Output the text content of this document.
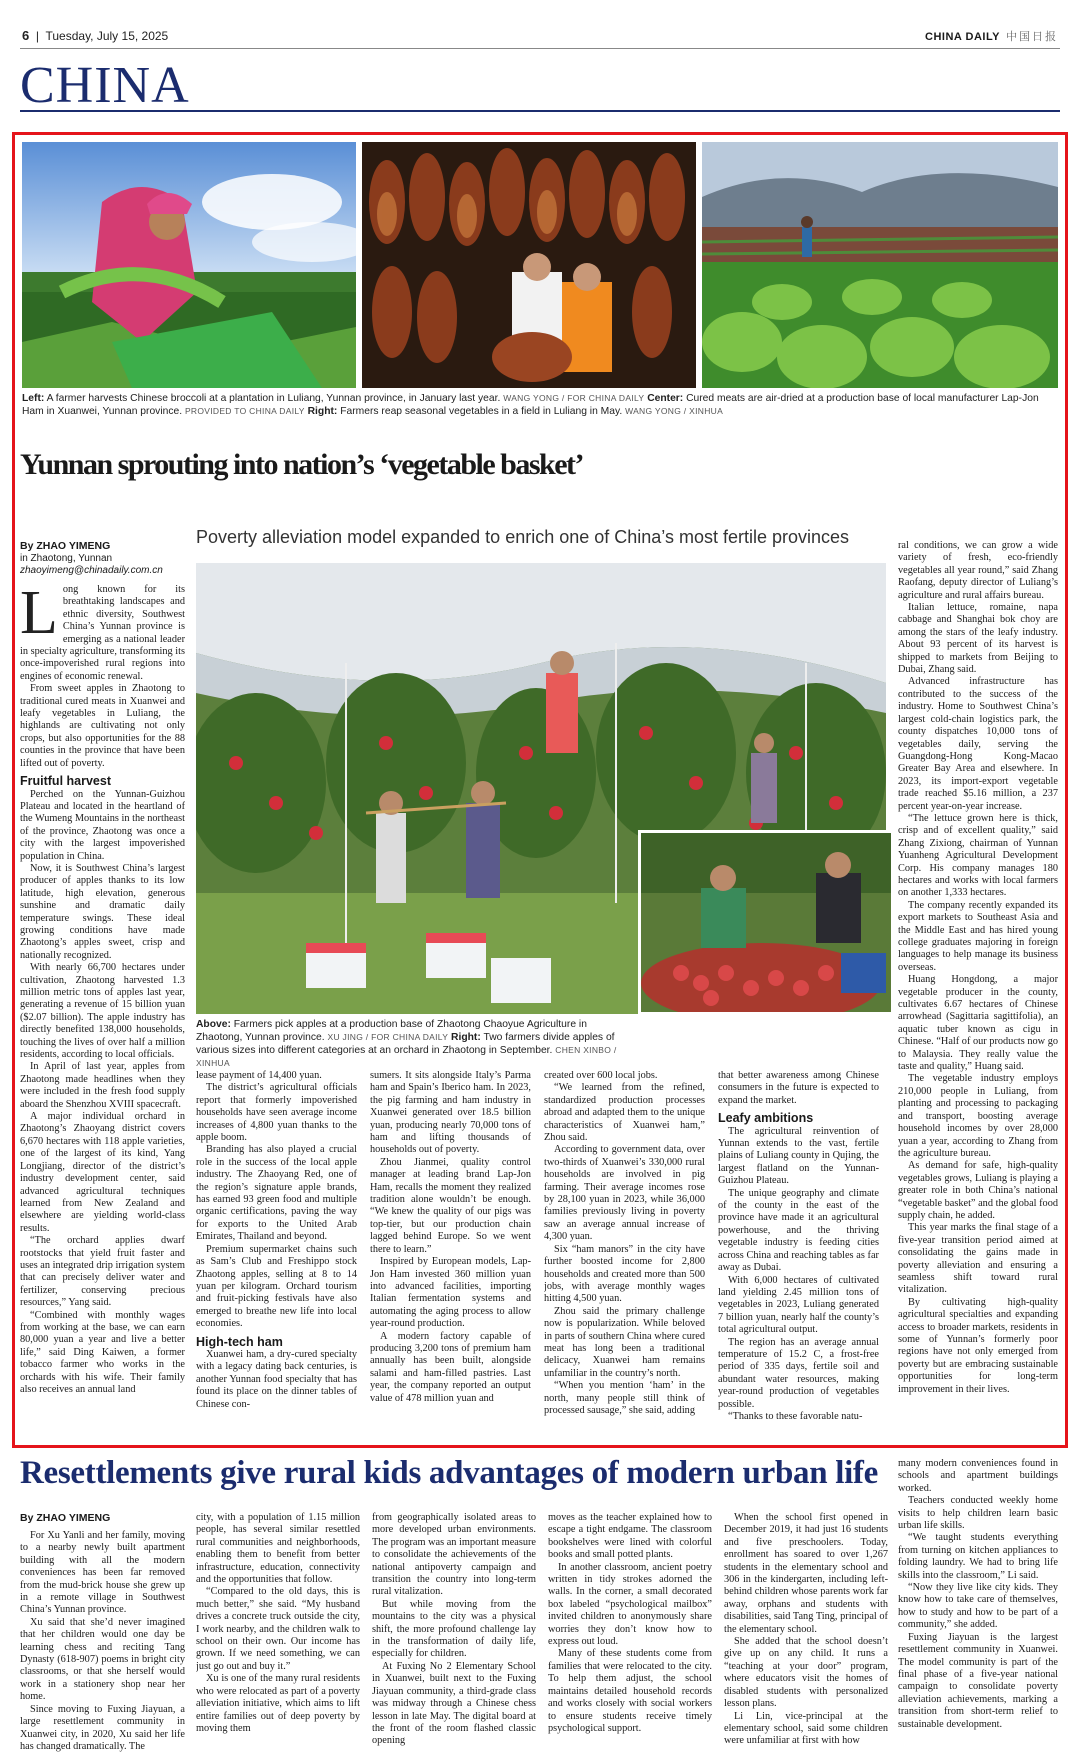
6  |  Tuesday, July 15, 2025	CHINA DAILY 中国日报
CHINA
Left: A farmer harvests Chinese broccoli at a plantation in Luliang, Yunnan province, in January last year. WANG YONG / FOR CHINA DAILY Center: Cured meats are air-dried at a production base of local manufacturer Lap-Jon Ham in Xuanwei, Yunnan province. PROVIDED TO CHINA DAILY Right: Farmers reap seasonal vegetables in a field in Luliang in May. WANG YONG / XINHUA
Yunnan sprouting into nation’s ‘vegetable basket’
Poverty alleviation model expanded to enrich one of China’s most fertile provinces
By ZHAO YIMENG
in Zhaotong, Yunnan
zhaoyimeng@chinadaily.com.cn

Long known for its breathtaking landscapes and ethnic diversity, Southwest China’s Yunnan province is emerging as a national leader in specialty agriculture, transforming its once-impoverished rural regions into engines of economic renewal.

From sweet apples in Zhaotong to traditional cured meats in Xuanwei and leafy vegetables in Luliang, the highlands are cultivating not only crops, but also opportunities for the 88 counties in the province that have been lifted out of poverty.

Fruitful harvest

Perched on the Yunnan-Guizhou Plateau and located in the heartland of the Wumeng Mountains in the northeast of the province, Zhaotong was once a city with the largest impoverished population in China.

Now, it is Southwest China’s largest producer of apples thanks to its low latitude, high elevation, generous sunshine and dramatic daily temperature swings. These ideal growing conditions have made Zhaotong’s apples sweet, crisp and nationally recognized.

With nearly 66,700 hectares under cultivation, Zhaotong harvested 1.3 million metric tons of apples last year, generating a revenue of 15 billion yuan ($2.07 billion). The apple industry has directly benefited 138,000 households, touching the lives of over half a million residents, according to local officials.

In April of last year, apples from Zhaotong made headlines when they were included in the fresh food supply aboard the Shenzhou XVIII spacecraft.

A major individual orchard in Zhaotong’s Zhaoyang district covers 6,670 hectares with 118 apple varieties, one of the largest of its kind, Yang Longjiang, director of the district’s industry development center, said advanced agricultural techniques learned from New Zealand and elsewhere are yielding world-class results.

“The orchard applies dwarf rootstocks that yield fruit faster and uses an integrated drip irrigation system that can precisely deliver water and fertilizer, conserving precious resources,” Yang said.

“Combined with monthly wages from working at the base, we can earn 80,000 yuan a year and live a better life,” said Ding Kaiwen, a former tobacco farmer who works in the orchards with his wife. Their family also receives an annual land

Above: Farmers pick apples at a production base of Zhaotong Chaoyue Agriculture in Zhaotong, Yunnan province. XU JING / FOR CHINA DAILY Right: Two farmers divide apples of various sizes into different categories at an orchard in Zhaotong in September. CHEN XINBO / XINHUA

lease payment of 14,400 yuan.

The district’s agricultural officials report that formerly impoverished households have seen average income increases of 4,800 yuan thanks to the apple boom.

Branding has also played a crucial role in the success of the local apple industry. The Zhaoyang Red, one of the region’s signature apple brands, has earned 93 green food and multiple organic certifications, paving the way for exports to the United Arab Emirates, Thailand and beyond.

Premium supermarket chains such as Sam’s Club and Freshippo stock Zhaotong apples, selling at 8 to 14 yuan per kilogram. Orchard tourism and fruit-picking festivals have also emerged to breathe new life into local economies.

High-tech ham

Xuanwei ham, a dry-cured specialty with a legacy dating back centuries, is another Yunnan food specialty that has found its place on the dinner tables of Chinese con-

sumers. It sits alongside Italy’s Parma ham and Spain’s Iberico ham. In 2023, the pig farming and ham industry in Xuanwei generated over 18.5 billion yuan, producing nearly 70,000 tons of ham and lifting thousands of households out of poverty.

Zhou Jianmei, quality control manager at leading brand Lap-Jon Ham, recalls the moment they realized tradition alone wouldn’t be enough. “We knew the quality of our pigs was top-tier, but our production chain lagged behind Europe. So we went there to learn.”

Inspired by European models, Lap-Jon Ham invested 360 million yuan into advanced facilities, importing Italian fermentation systems and automating the aging process to allow year-round production.

A modern factory capable of producing 3,200 tons of premium ham annually has been built, alongside salami and ham-filled pastries. Last year, the company reported an output value of 478 million yuan and

created over 600 local jobs.

“We learned from the refined, standardized production processes abroad and adapted them to the unique characteristics of Xuanwei ham,” Zhou said.

According to government data, over two-thirds of Xuanwei’s 330,000 rural households are involved in pig farming. Their average incomes rose by 28,100 yuan in 2023, while 36,000 families previously living in poverty saw an average annual increase of 4,300 yuan.

Six “ham manors” in the city have further boosted income for 2,800 households and created more than 500 jobs, with average monthly wages hitting 4,500 yuan.

Zhou said the primary challenge now is popularization. While beloved in parts of southern China where cured meat has long been a traditional delicacy, Xuanwei ham remains unfamiliar in the country’s north.

“When you mention ‘ham’ in the north, many people still think of processed sausage,” she said, adding

that better awareness among Chinese consumers in the future is expected to expand the market.

Leafy ambitions

The agricultural reinvention of Yunnan extends to the vast, fertile plains of Luliang county in Qujing, the largest flatland on the Yunnan-Guizhou Plateau.

The unique geography and climate of the county in the east of the province have made it an agricultural powerhouse, and the thriving vegetable industry is feeding cities across China and reaching tables as far away as Dubai.

With 6,000 hectares of cultivated land yielding 2.45 million tons of vegetables in 2023, Luliang generated 7 billion yuan, nearly half the county’s total agricultural output.

The region has an average annual temperature of 15.2 C, a frost-free period of 335 days, fertile soil and abundant water resources, making year-round production of vegetables possible.

“Thanks to these favorable natu-

ral conditions, we can grow a wide variety of fresh, eco-friendly vegetables all year round,” said Zhang Raofang, deputy director of Luliang’s agriculture and rural affairs bureau.

Italian lettuce, romaine, napa cabbage and Shanghai bok choy are among the stars of the leafy industry. About 93 percent of its harvest is shipped to markets from Beijing to Dubai, Zhang said.

Advanced infrastructure has contributed to the success of the industry. Home to Southwest China’s largest cold-chain logistics park, the county dispatches 10,000 tons of vegetables daily, serving the Guangdong-Hong Kong-Macao Greater Bay Area and elsewhere. In 2023, its import-export vegetable trade reached $5.16 million, a 237 percent year-on-year increase.

“The lettuce grown here is thick, crisp and of excellent quality,” said Zhang Zixiong, chairman of Yunnan Yuanheng Agricultural Development Corp. His company manages 180 hectares and works with local farmers on another 1,333 hectares.

The company recently expanded its export markets to Southeast Asia and the Middle East and has hired young college graduates majoring in foreign languages to help manage its business overseas.

Huang Hongdong, a major vegetable producer in the county, cultivates 6.67 hectares of Chinese arrowhead (Sagittaria sagittifolia), an aquatic tuber known as cigu in Chinese. “Half of our products now go to Malaysia. They really value the taste and quality,” Huang said.

The vegetable industry employs 210,000 people in Luliang, from planting and processing to packaging and transport, boosting average household incomes by over 28,000 yuan a year, according to Zhang from the agriculture bureau.

As demand for safe, high-quality vegetables grows, Luliang is playing a greater role in both China’s national “vegetable basket” and the global food supply chain, he added.

This year marks the final stage of a five-year transition period aimed at consolidating the gains made in poverty alleviation and ensuring a seamless shift toward rural vitalization.

By cultivating high-quality agricultural specialties and expanding access to broader markets, residents in some of Yunnan’s formerly poor regions have not only emerged from poverty but are embracing sustainable opportunities for long-term improvement in their lives.

Resettlements give rural kids advantages of modern urban life
By ZHAO YIMENG

For Xu Yanli and her family, moving to a nearby newly built apartment building with all the modern conveniences has been far removed from the mud-brick house she grew up in a remote village in Southwest China’s Yunnan province.

Xu said that she’d never imagined that her children would one day be learning chess and reciting Tang Dynasty (618-907) poems in bright city classrooms, or that she herself would work in a stationery shop near her home.

Since moving to Fuxing Jiayuan, a large resettlement community in Xuanwei city, in 2020, Xu said her life has changed dramatically. The

city, with a population of 1.15 million people, has several similar resettled rural communities and neighborhoods, enabling them to benefit from better infrastructure, education, connectivity and the opportunities that follow.

“Compared to the old days, this is much better,” she said. “My husband drives a concrete truck outside the city, I work nearby, and the children walk to school on their own. Our income has grown. If we need something, we can just go out and buy it.”

Xu is one of the many rural residents who were relocated as part of a poverty alleviation initiative, which aims to lift entire families out of deep poverty by moving them

from geographically isolated areas to more developed urban environments. The program was an important measure to consolidate the achievements of the national antipoverty campaign and transition the country into long-term rural vitalization.

But while moving from the mountains to the city was a physical shift, the more profound challenge lay in the transformation of daily life, especially for children.

At Fuxing No 2 Elementary School in Xuanwei, built next to the Fuxing Jiayuan community, a third-grade class was midway through a Chinese chess lesson in late May. The digital board at the front of the room flashed classic opening

moves as the teacher explained how to escape a tight endgame. The classroom bookshelves were lined with colorful books and small potted plants.

In another classroom, ancient poetry written in tidy strokes adorned the walls. In the corner, a small decorated box labeled “psychological mailbox” invited children to anonymously share worries they don’t know how to express out loud.

Many of these students come from families that were relocated to the city. To help them adjust, the school maintains detailed household records and works closely with social workers to ensure students receive timely psychological support.

When the school first opened in December 2019, it had just 16 students and five preschoolers. Today, enrollment has soared to over 1,267 students in the elementary school and 306 in the kindergarten, including left-behind children whose parents work far away, orphans and students with disabilities, said Tang Ting, principal of the elementary school.

She added that the school doesn’t give up on any child. It runs a “teaching at your door” program, where educators visit the homes of disabled students with personalized lesson plans.

Li Lin, vice-principal at the elementary school, said some children were unfamiliar at first with how

many modern conveniences found in schools and apartment buildings worked.

Teachers conducted weekly home visits to help children learn basic urban life skills.

“We taught students everything from turning on kitchen appliances to folding laundry. We had to bring life skills into the classroom,” Li said.

“Now they live like city kids. They know how to take care of themselves, how to study and how to be part of a community,” she added.

Fuxing Jiayuan is the largest resettlement community in Xuanwei. The model community is part of the final phase of a five-year national campaign to consolidate poverty alleviation achievements, marking a transition from short-term relief to sustainable development.
